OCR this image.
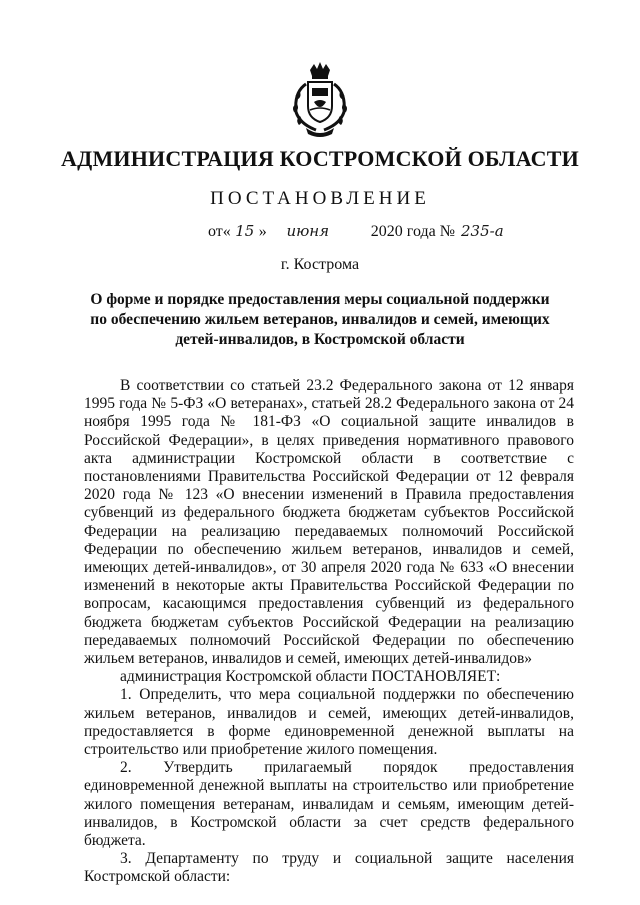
АДМИНИСТРАЦИЯ КОСТРОМСКОЙ ОБЛАСТИ
ПОСТАНОВЛЕНИЕ
от« 15 » июня	2020 года № 235-а
г. Кострома
О форме и порядке предоставления меры социальной поддержки по обеспечению жильем ветеранов, инвалидов и семей, имеющих детей-инвалидов, в Костромской области

В соответствии со статьей 23.2 Федерального закона от 12 января 1995 года № 5-ФЗ «О ветеранах», статьей 28.2 Федерального закона от 24 ноября 1995 года № 181-ФЗ «О социальной защите инвалидов в Российской Федерации», в целях приведения нормативного правового акта администрации Костромской области в соответствие с постановлениями Правительства Российской Федерации от 12 февраля 2020 года № 123 «О внесении изменений в Правила предоставления субвенций из федерального бюджета бюджетам субъектов Российской Федерации на реализацию передаваемых полномочий Российской Федерации по обеспечению жильем ветеранов, инвалидов и семей, имеющих детей-инвалидов», от 30 апреля 2020 года № 633 «О внесении изменений в некоторые акты Правительства Российской Федерации по вопросам, касающимся предоставления субвенций из федерального бюджета бюджетам субъектов Российской Федерации на реализацию передаваемых полномочий Российской Федерации по обеспечению жильем ветеранов, инвалидов и семей, имеющих детей-инвалидов»

администрация Костромской области ПОСТАНОВЛЯЕТ:

1. Определить, что мера социальной поддержки по обеспечению жильем ветеранов, инвалидов и семей, имеющих детей-инвалидов, предоставляется в форме единовременной денежной выплаты на строительство или приобретение жилого помещения.

2. Утвердить прилагаемый порядок предоставления единовременной денежной выплаты на строительство или приобретение жилого помещения ветеранам, инвалидам и семьям, имеющим детей-инвалидов, в Костромской области за счет средств федерального бюджета.

3. Департаменту по труду и социальной защите населения Костромской области:
